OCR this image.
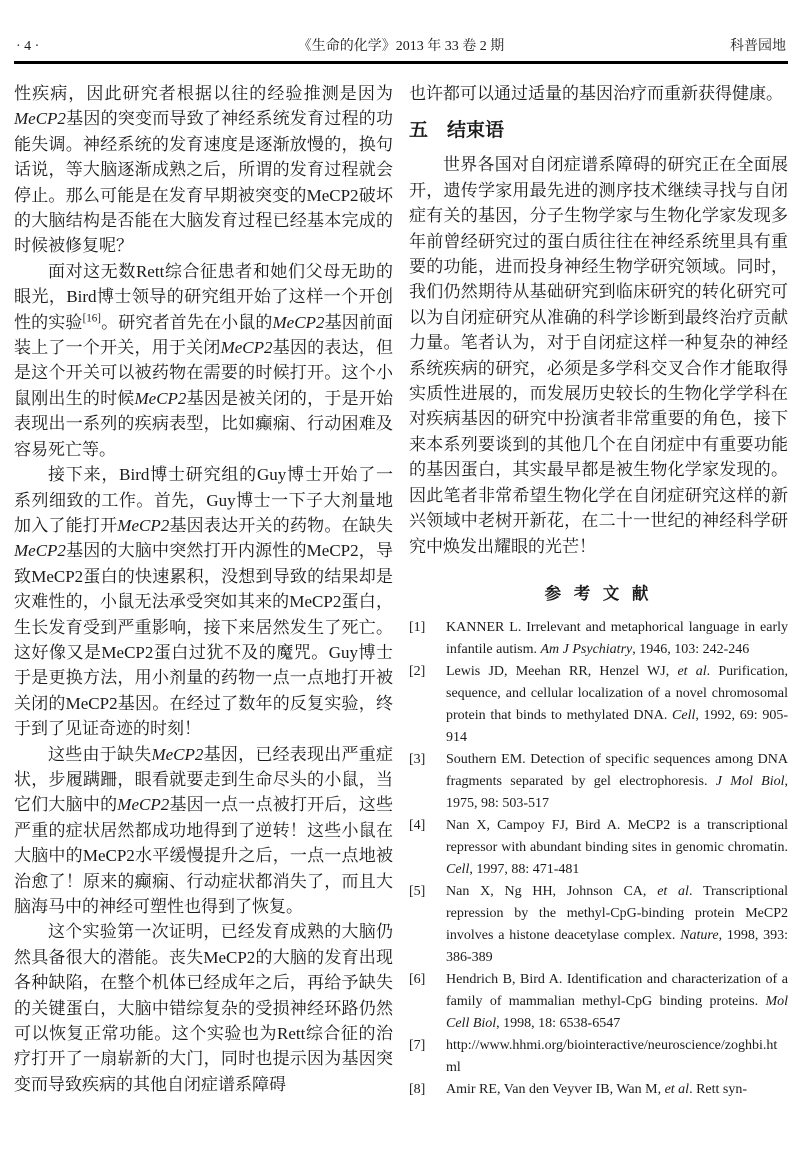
· 4 ·	《生命的化学》2013 年 33 卷 2 期	科普园地

性疾病，因此研究者根据以往的经验推测是因为MeCP2基因的突变而导致了神经系统发育过程的功能失调。神经系统的发育速度是逐渐放慢的，换句话说，等大脑逐渐成熟之后，所谓的发育过程就会停止。那么可能是在发育早期被突变的MeCP2破坏的大脑结构是否能在大脑发育过程已经基本完成的时候被修复呢？

面对这无数Rett综合征患者和她们父母无助的眼光，Bird博士领导的研究组开始了这样一个开创性的实验[16]。研究者首先在小鼠的MeCP2基因前面装上了一个开关，用于关闭MeCP2基因的表达，但是这个开关可以被药物在需要的时候打开。这个小鼠刚出生的时候MeCP2基因是被关闭的，于是开始表现出一系列的疾病表型，比如癫痫、行动困难及容易死亡等。

接下来，Bird博士研究组的Guy博士开始了一系列细致的工作。首先，Guy博士一下子大剂量地加入了能打开MeCP2基因表达开关的药物。在缺失MeCP2基因的大脑中突然打开内源性的MeCP2，导致MeCP2蛋白的快速累积，没想到导致的结果却是灾难性的，小鼠无法承受突如其来的MeCP2蛋白，生长发育受到严重影响，接下来居然发生了死亡。这好像又是MeCP2蛋白过犹不及的魔咒。Guy博士于是更换方法，用小剂量的药物一点一点地打开被关闭的MeCP2基因。在经过了数年的反复实验，终于到了见证奇迹的时刻！

这些由于缺失MeCP2基因，已经表现出严重症状，步履蹒跚，眼看就要走到生命尽头的小鼠，当它们大脑中的MeCP2基因一点一点被打开后，这些严重的症状居然都成功地得到了逆转！这些小鼠在大脑中的MeCP2水平缓慢提升之后，一点一点地被治愈了！原来的癫痫、行动症状都消失了，而且大脑海马中的神经可塑性也得到了恢复。

这个实验第一次证明，已经发育成熟的大脑仍然具备很大的潜能。丧失MeCP2的大脑的发育出现各种缺陷，在整个机体已经成年之后，再给予缺失的关键蛋白，大脑中错综复杂的受损神经环路仍然可以恢复正常功能。这个实验也为Rett综合征的治疗打开了一扇崭新的大门，同时也提示因为基因突变而导致疾病的其他自闭症谱系障碍

也许都可以通过适量的基因治疗而重新获得健康。

五　结束语

世界各国对自闭症谱系障碍的研究正在全面展开，遗传学家用最先进的测序技术继续寻找与自闭症有关的基因，分子生物学家与生物化学家发现多年前曾经研究过的蛋白质往往在神经系统里具有重要的功能，进而投身神经生物学研究领域。同时，我们仍然期待从基础研究到临床研究的转化研究可以为自闭症研究从准确的科学诊断到最终治疗贡献力量。笔者认为，对于自闭症这样一种复杂的神经系统疾病的研究，必须是多学科交叉合作才能取得实质性进展的，而发展历史较长的生物化学学科在对疾病基因的研究中扮演者非常重要的角色，接下来本系列要谈到的其他几个在自闭症中有重要功能的基因蛋白，其实最早都是被生物化学家发现的。因此笔者非常希望生物化学在自闭症研究这样的新兴领域中老树开新花，在二十一世纪的神经科学研究中焕发出耀眼的光芒！

参 考 文 献
[1]	KANNER L. Irrelevant and metaphorical language in early infantile autism. Am J Psychiatry, 1946, 103: 242-246
[2]	Lewis JD, Meehan RR, Henzel WJ, et al. Purification, sequence, and cellular localization of a novel chromosomal protein that binds to methylated DNA. Cell, 1992, 69: 905-914
[3]	Southern EM. Detection of specific sequences among DNA fragments separated by gel electrophoresis. J Mol Biol, 1975, 98: 503-517
[4]	Nan X, Campoy FJ, Bird A. MeCP2 is a transcriptional repressor with abundant binding sites in genomic chromatin. Cell, 1997, 88: 471-481
[5]	Nan X, Ng HH, Johnson CA, et al. Transcriptional repression by the methyl-CpG-binding protein MeCP2 involves a histone deacetylase complex. Nature, 1998, 393: 386-389
[6]	Hendrich B, Bird A. Identification and characterization of a family of mammalian methyl-CpG binding proteins. Mol Cell Biol, 1998, 18: 6538-6547
[7]	http://www.hhmi.org/biointeractive/neuroscience/zoghbi.html
[8]	Amir RE, Van den Veyver IB, Wan M, et al. Rett syn-
